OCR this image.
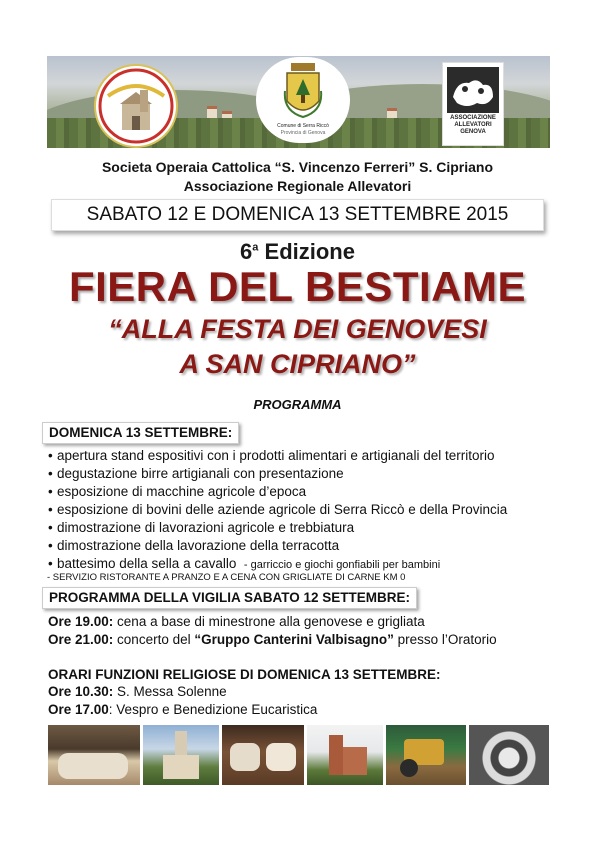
Comune di Serra Riccò
Provincia di Genova
ASSOCIAZIONE
ALLEVATORI
GENOVA
Societa Operaia Cattolica “S. Vincenzo Ferreri” S. Cipriano
Associazione Regionale Allevatori
SABATO 12 E DOMENICA 13 SETTEMBRE 2015
6$^a$ Edizione
FIERA DEL BESTIAME
“ALLA FESTA DEI GENOVESI
A SAN CIPRIANO”
PROGRAMMA
DOMENICA 13 SETTEMBRE:
• apertura stand espositivi con i prodotti alimentari e artigianali del territorio
• degustazione birre artigianali con presentazione
• esposizione di macchine agricole d’epoca
• esposizione di bovini delle aziende agricole di Serra Riccò e della Provincia
• dimostrazione di lavorazioni agricole e trebbiatura
• dimostrazione della lavorazione della terracotta
• battesimo della sella a cavallo - garriccio e giochi gonfiabili per bambini
- SERVIZIO RISTORANTE A PRANZO E A CENA CON GRIGLIATE DI CARNE KM 0
PROGRAMMA DELLA VIGILIA SABATO 12 SETTEMBRE:
Ore 19.00: cena a base di minestrone alla genovese e grigliata
Ore 21.00: concerto del “Gruppo Canterini Valbisagno” presso l’Oratorio
ORARI FUNZIONI RELIGIOSE DI DOMENICA 13 SETTEMBRE:
Ore 10.30: S. Messa Solenne
Ore 17.00: Vespro e Benedizione Eucaristica
